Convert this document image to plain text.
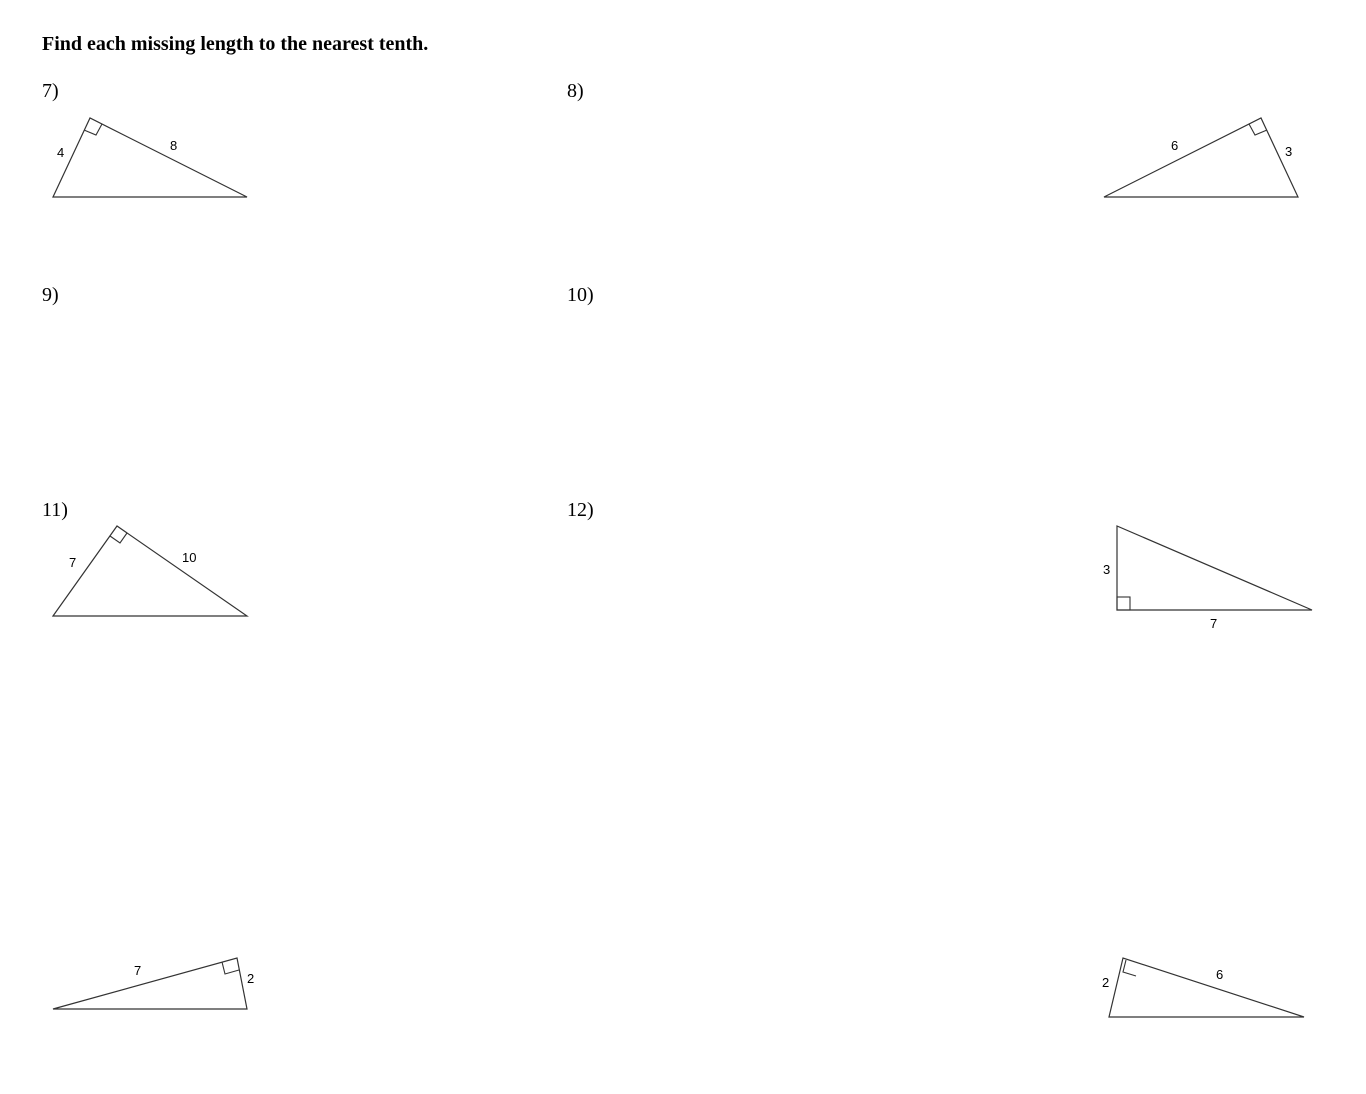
Find each missing length to the nearest tenth.
7)
4	8
8)
6	3
9)
7	10
10)
3
7
11)
7
2
12)
2
6
